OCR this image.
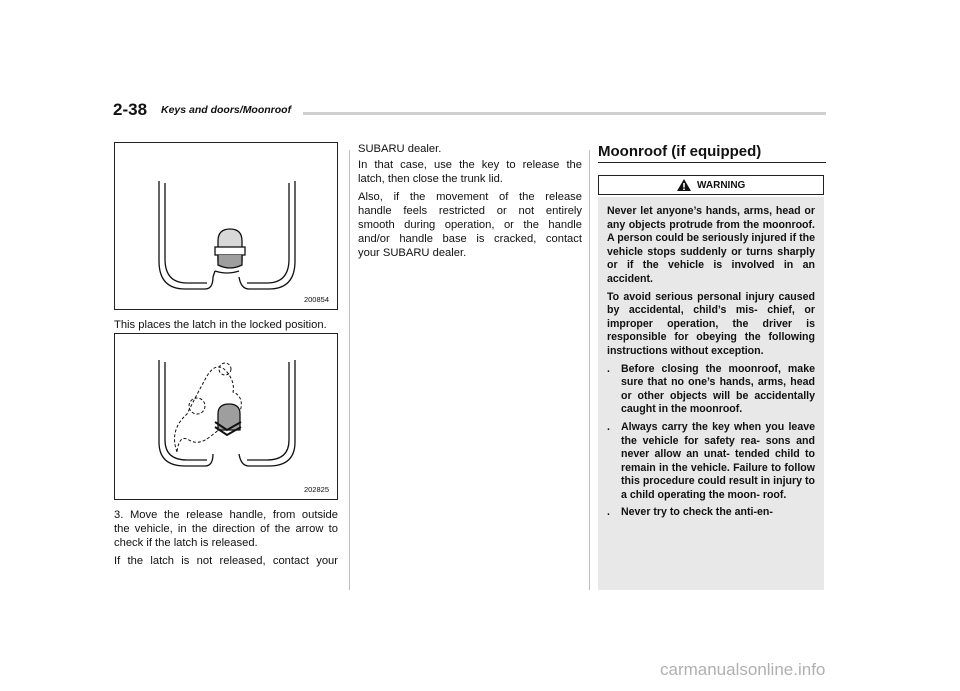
2-38 Keys and doors/Moonroof
200854
This places the latch in the locked position.
202825
3. Move the release handle, from outside
the vehicle, in the direction of the arrow to
check if the latch is released.
If the latch is not released, contact your
SUBARU dealer.
In that case, use the key to release the
latch, then close the trunk lid.
Also, if the movement of the release
handle feels restricted or not entirely
smooth during operation, or the handle
and/or handle base is cracked, contact
your SUBARU dealer.
Moonroof (if equipped)
WARNING

Never let anyone’s hands, arms, head or any objects protrude from the moonroof. A person could be seriously injured if the vehicle stops suddenly or turns sharply or if the vehicle is involved in an accident.

To avoid serious personal injury caused by accidental, child’s mis- chief, or improper operation, the driver is responsible for obeying the following instructions without exception.

.	Before closing the moonroof, make sure that no one’s hands, arms, head or other objects will be accidentally caught in the moonroof.
.	Always carry the key when you leave the vehicle for safety rea- sons and never allow an unat- tended child to remain in the vehicle. Failure to follow this procedure could result in injury to a child operating the moon- roof.
.	Never try to check the anti-en-
carmanualsonline.info
